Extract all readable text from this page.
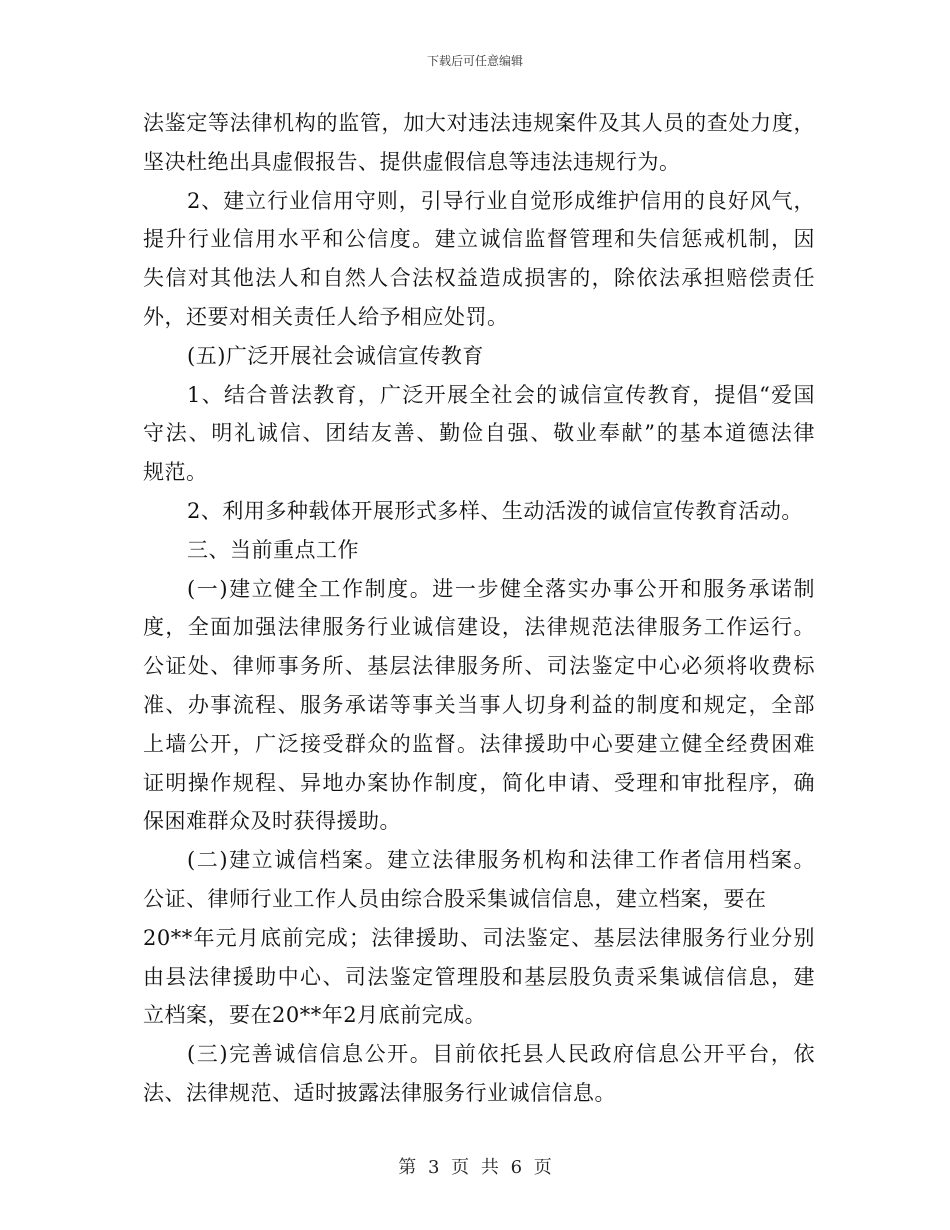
下载后可任意编辑
法鉴定等法律机构的监管，加大对违法违规案件及其人员的查处力度，
坚决杜绝出具虚假报告、提供虚假信息等违法违规行为。
2、建立行业信用守则，引导行业自觉形成维护信用的良好风气，
提升行业信用水平和公信度。建立诚信监督管理和失信惩戒机制，因
失信对其他法人和自然人合法权益造成损害的，除依法承担赔偿责任
外，还要对相关责任人给予相应处罚。
(五)广泛开展社会诚信宣传教育
1、结合普法教育，广泛开展全社会的诚信宣传教育，提倡“爱国
守法、明礼诚信、团结友善、勤俭自强、敬业奉献”的基本道德法律
规范。
2、利用多种载体开展形式多样、生动活泼的诚信宣传教育活动。
三、当前重点工作
(一)建立健全工作制度。进一步健全落实办事公开和服务承诺制
度，全面加强法律服务行业诚信建设，法律规范法律服务工作运行。
公证处、律师事务所、基层法律服务所、司法鉴定中心必须将收费标
准、办事流程、服务承诺等事关当事人切身利益的制度和规定，全部
上墙公开，广泛接受群众的监督。法律援助中心要建立健全经费困难
证明操作规程、异地办案协作制度，简化申请、受理和审批程序，确
保困难群众及时获得援助。
(二)建立诚信档案。建立法律服务机构和法律工作者信用档案。
公证、律师行业工作人员由综合股采集诚信信息，建立档案，要在
20**年元月底前完成；法律援助、司法鉴定、基层法律服务行业分别
由县法律援助中心、司法鉴定管理股和基层股负责采集诚信信息，建
立档案，要在20**年2月底前完成。
(三)完善诚信信息公开。目前依托县人民政府信息公开平台，依
法、法律规范、适时披露法律服务行业诚信信息。
第 3 页 共 6 页
